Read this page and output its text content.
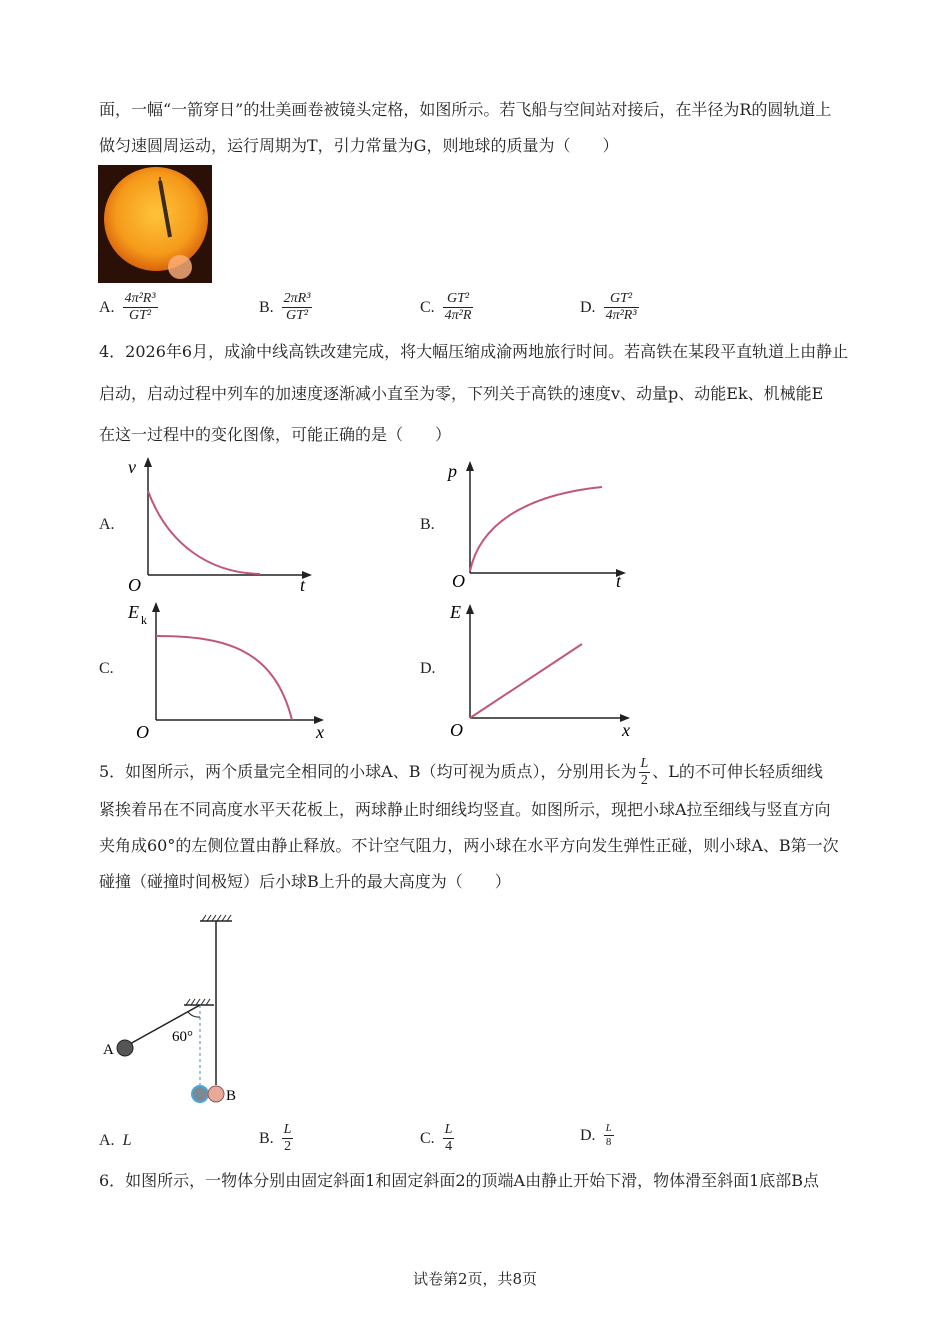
面，一幅“一箭穿日”的壮美画卷被镜头定格，如图所示。若飞船与空间站对接后，在半径为R的圆轨道上
做匀速圆周运动，运行周期为T，引力常量为G，则地球的质量为（　　）
A. $\frac{\text{4π²R³}}{\text{GT²}}$	B. $\frac{\text{2πR³}}{\text{GT²}}$	C. $\frac{\text{GT²}}{\text{4π²R}}$	D. $\frac{\text{GT²}}{\text{4π²R³}}$
4．2026年6月，成渝中线高铁改建完成，将大幅压缩成渝两地旅行时间。若高铁在某段平直轨道上由静止
启动，启动过程中列车的加速度逐渐减小直至为零，下列关于高铁的速度v、动量p、动能Ek、机械能E
在这一过程中的变化图像，可能正确的是（　　）
A.
v
O	t
B.
p
O	t
C.
E k
O	x
D.
E
O	x
5．如图所示，两个质量完全相同的小球A、B（均可视为质点），分别用长为 $\frac{L}{2}$ 、L的不可伸长轻质细线
紧挨着吊在不同高度水平天花板上，两球静止时细线均竖直。如图所示，现把小球A拉至细线与竖直方向
夹角成60°的左侧位置由静止释放。不计空气阻力，两小球在水平方向发生弹性正碰，则小球A、B第一次
碰撞（碰撞时间极短）后小球B上升的最大高度为（　　）
60°
A
B
A. L	B. $\frac{L}{2}$	C. $\frac{L}{4}$	D. $\frac{L}{8}$
6．如图所示，一物体分别由固定斜面1和固定斜面2的顶端A由静止开始下滑，物体滑至斜面1底部B点
试卷第2页，共8页
